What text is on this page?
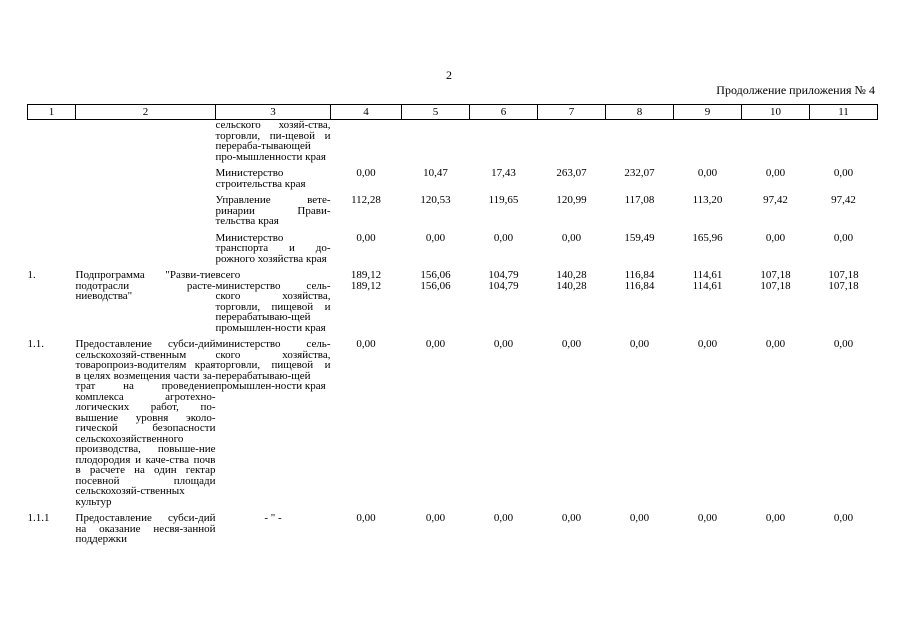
2
Продолжение приложения № 4
1	2	3	4	5	6	7	8	9	10	11
		сельского хозяй-ства, торговли, пи-щевой и перераба-тывающей про-мышленности края								

		Министерство строительства края	0,00	10,47	17,43	263,07	232,07	0,00	0,00	0,00

		Управление вете-ринарии Прави-тельства края	112,28	120,53	119,65	120,99	117,08	113,20	97,42	97,42

		Министерство транспорта и до-рожного хозяйства края	0,00	0,00	0,00	0,00	159,49	165,96	0,00	0,00

1.	Подпрограмма "Разви-тие подотрасли расте-ниеводства"	всего	189,12	156,06	104,79	140,28	116,84	114,61	107,18	107,18
		министерство сель-ского хозяйства, торговли, пищевой и перерабатываю-щей промышлен-ности края	189,12	156,06	104,79	140,28	116,84	114,61	107,18	107,18

1.1.	Предоставление субси-дий сельскохозяй-ственным товаропроиз-водителям края в целях возмещения части за-трат на проведение комплекса агротехно-логических работ, по-вышение уровня эколо-гической безопасности сельскохозяйственного производства, повыше-ние плодородия и каче-ства почв в расчете на один гектар посевной площади сельскохозяй-ственных культур	министерство сель-ского хозяйства, торговли, пищевой и перерабатываю-щей промышлен-ности края	0,00	0,00	0,00	0,00	0,00	0,00	0,00	0,00

1.1.1	Предоставление субси-дий на оказание несвя-занной поддержки	- " -	0,00	0,00	0,00	0,00	0,00	0,00	0,00	0,00
